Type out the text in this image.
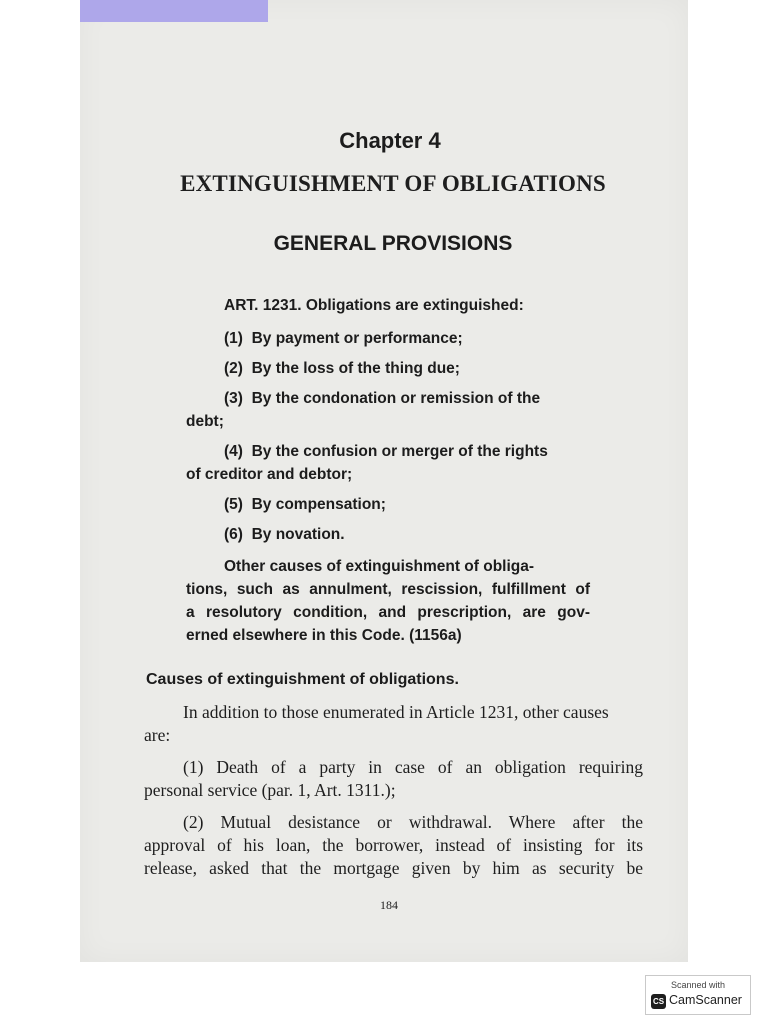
Chapter 4
EXTINGUISHMENT OF OBLIGATIONS
GENERAL PROVISIONS
ART. 1231. Obligations are extinguished:
(1) By payment or performance;
(2) By the loss of the thing due;
(3) By the condonation or remission of the
debt;
(4) By the confusion or merger of the rights
of creditor and debtor;
(5) By compensation;
(6) By novation.
Other causes of extinguishment of obliga-
tions, such as annulment, rescission, fulfillment of
a resolutory condition, and prescription, are gov-
erned elsewhere in this Code. (1156a)
Causes of extinguishment of obligations.
In addition to those enumerated in Article 1231, other causes
are:
(1) Death of a party in case of an obligation requiring
personal service (par. 1, Art. 1311.);
(2) Mutual desistance or withdrawal. Where after the
approval of his loan, the borrower, instead of insisting for its
release, asked that the mortgage given by him as security be
184
Scanned with
CS CamScanner
